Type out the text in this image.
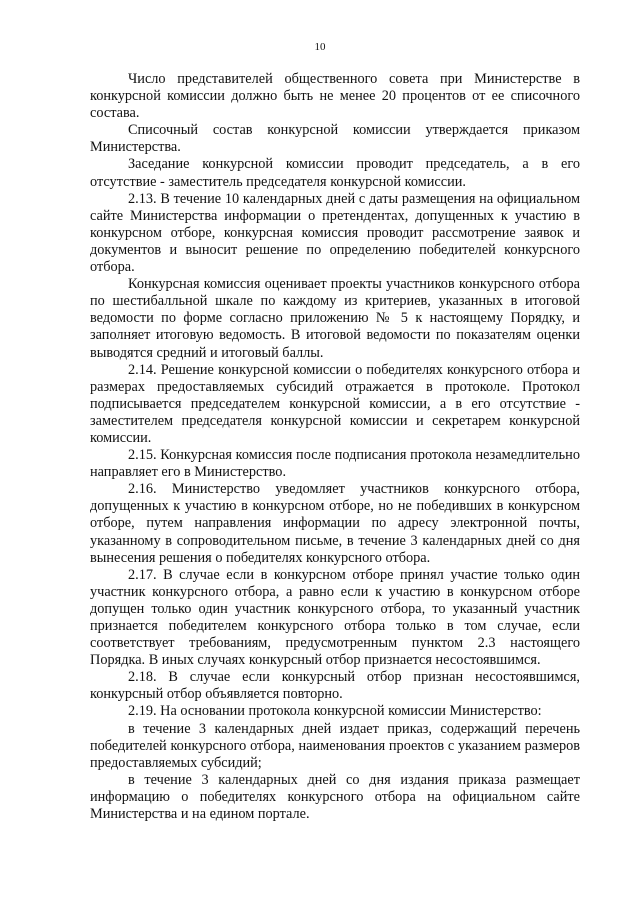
10

Число представителей общественного совета при Министерстве в конкурсной комиссии должно быть не менее 20 процентов от ее списочного состава.

Списочный состав конкурсной комиссии утверждается приказом Министерства.

Заседание конкурсной комиссии проводит председатель, а в его отсутствие - заместитель председателя конкурсной комиссии.

2.13. В течение 10 календарных дней с даты размещения на официальном сайте Министерства информации о претендентах, допущенных к участию в конкурсном отборе, конкурсная комиссия проводит рассмотрение заявок и документов и выносит решение по определению победителей конкурсного отбора.

Конкурсная комиссия оценивает проекты участников конкурсного отбора по шестибалльной шкале по каждому из критериев, указанных в итоговой ведомости по форме согласно приложению № 5 к настоящему Порядку, и заполняет итоговую ведомость. В итоговой ведомости по показателям оценки выводятся средний и итоговый баллы.

2.14. Решение конкурсной комиссии о победителях конкурсного отбора и размерах предоставляемых субсидий отражается в протоколе. Протокол подписывается председателем конкурсной комиссии, а в его отсутствие - заместителем председателя конкурсной комиссии и секретарем конкурсной комиссии.

2.15. Конкурсная комиссия после подписания протокола незамедлительно направляет его в Министерство.

2.16. Министерство уведомляет участников конкурсного отбора, допущенных к участию в конкурсном отборе, но не победивших в конкурсном отборе, путем направления информации по адресу электронной почты, указанному в сопроводительном письме, в течение 3 календарных дней со дня вынесения решения о победителях конкурсного отбора.

2.17. В случае если в конкурсном отборе принял участие только один участник конкурсного отбора, а равно если к участию в конкурсном отборе допущен только один участник конкурсного отбора, то указанный участник признается победителем конкурсного отбора только в том случае, если соответствует требованиям, предусмотренным пунктом 2.3 настоящего Порядка. В иных случаях конкурсный отбор признается несостоявшимся.

2.18. В случае если конкурсный отбор признан несостоявшимся, конкурсный отбор объявляется повторно.

2.19. На основании протокола конкурсной комиссии Министерство:

в течение 3 календарных дней издает приказ, содержащий перечень победителей конкурсного отбора, наименования проектов с указанием размеров предоставляемых субсидий;

в течение 3 календарных дней со дня издания приказа размещает информацию о победителях конкурсного отбора на официальном сайте Министерства и на едином портале.
